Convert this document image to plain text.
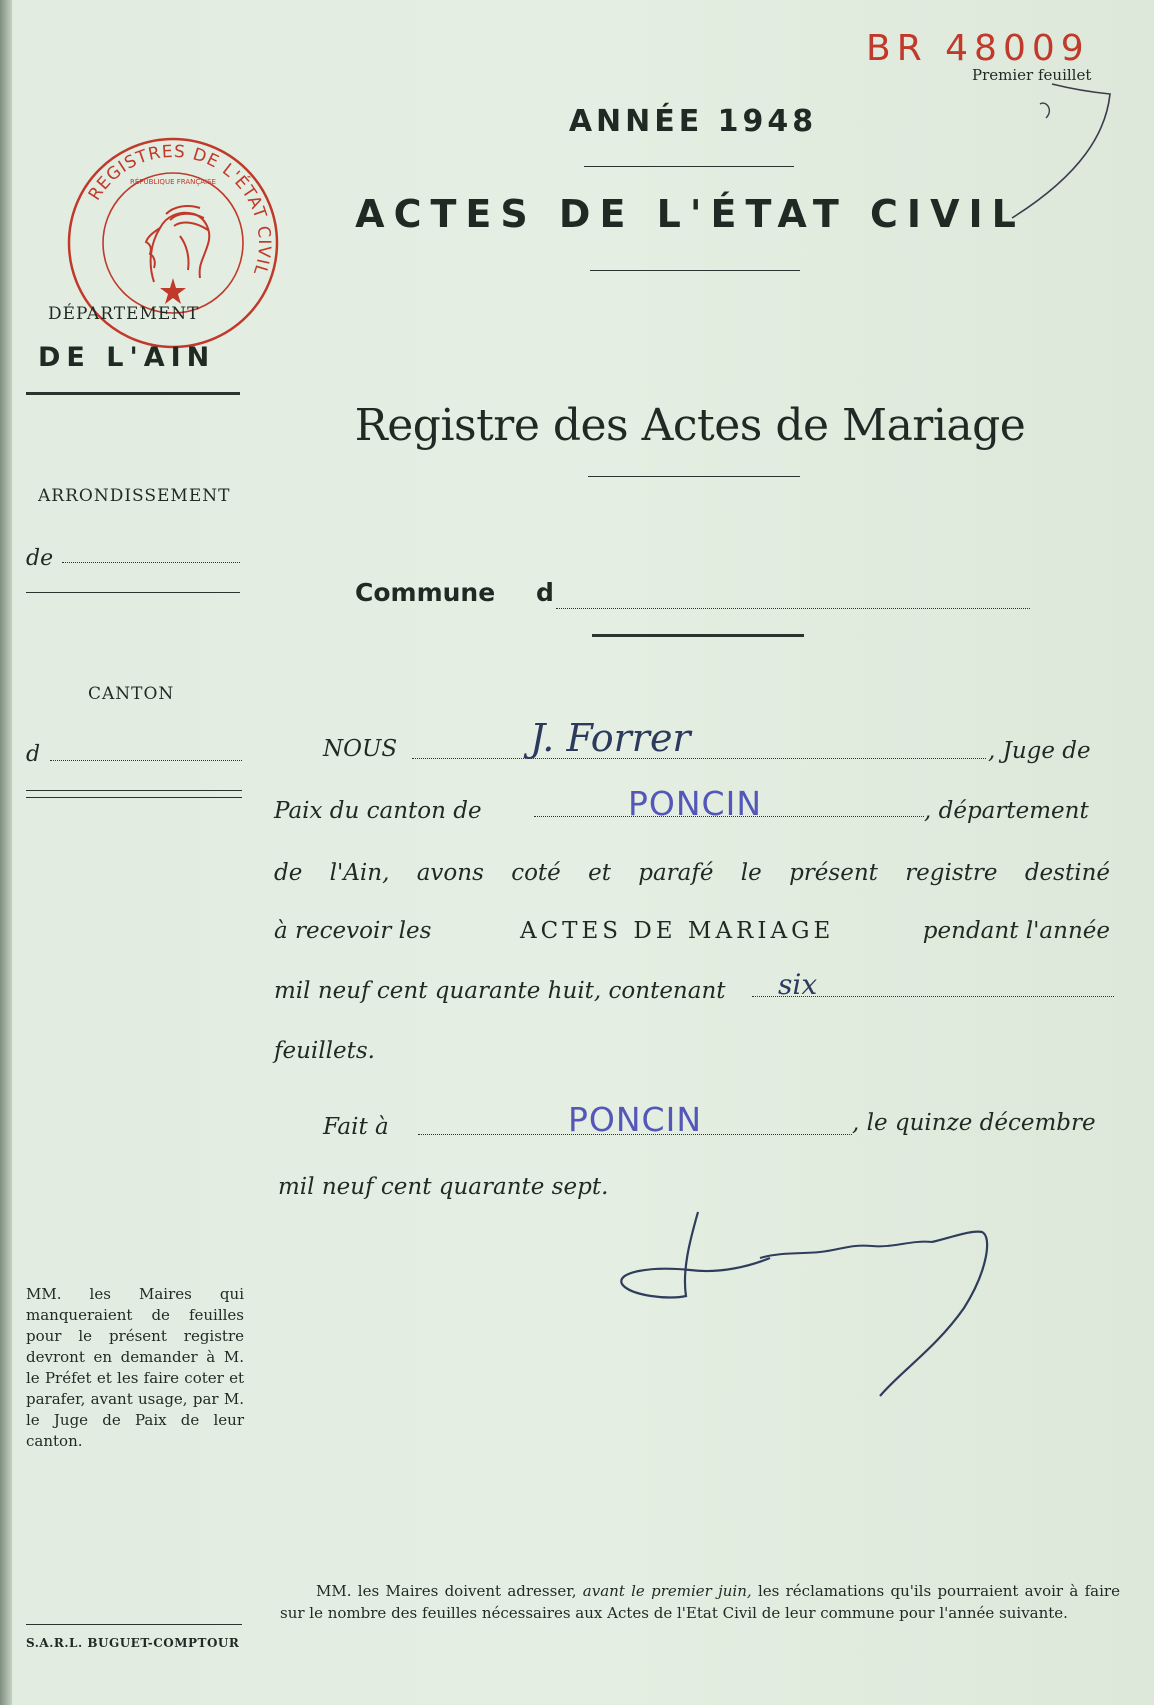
BR 48009
Premier feuillet
ANNÉE 1948
ACTES DE L'ÉTAT CIVIL
REGISTRES DE L'ÉTAT CIVIL
RÉPUBLIQUE FRANÇAISE
DÉPARTEMENT
DE L'AIN
ARRONDISSEMENT
de
CANTON
d
Registre des Actes de Mariage
Commune d
NOUS	J. Forrer	, Juge de
Paix du canton de	PONCIN	, département
de l'Ain, avons coté et parafé le présent registre destiné
à recevoir les	ACTES DE MARIAGE	pendant l'année
mil neuf cent quarante huit, contenant six
feuillets.
Fait à	PONCIN	, le quinze décembre
mil neuf cent quarante sept.
MM. les Maires qui manqueraient de feuilles pour le présent registre devront en demander à M. le Préfet et les faire coter et parafer, avant usage, par M. le Juge de Paix de leur canton.
MM. les Maires doivent adresser, avant le premier juin, les réclamations qu'ils pourraient avoir à faire sur le nombre des feuilles nécessaires aux Actes de l'Etat Civil de leur commune pour l'année suivante.
S.A.R.L. BUGUET-COMPTOUR
